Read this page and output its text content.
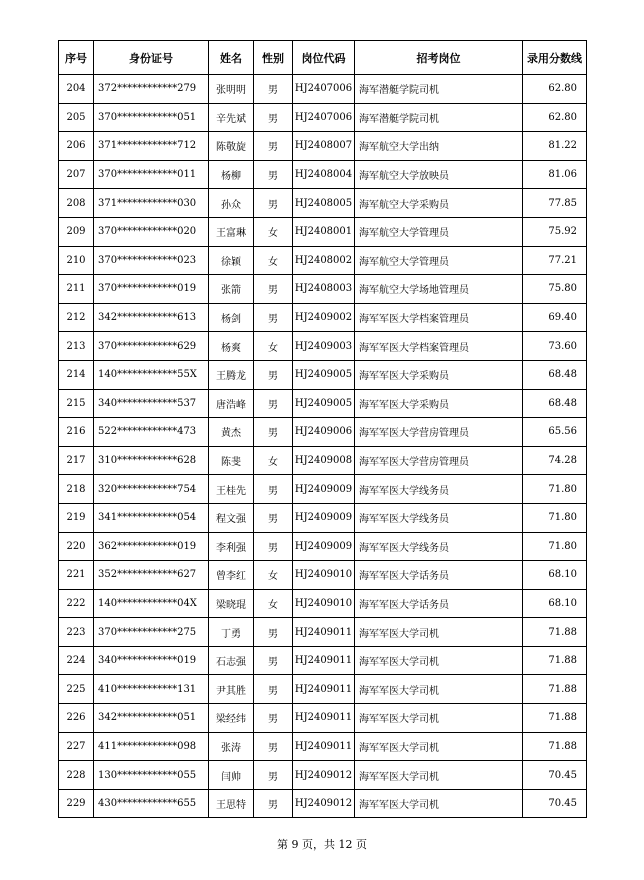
序号	身份证号	姓名	性别	岗位代码	招考岗位	录用分数线
204	372************279	张明明	男	HJ2407006	海军潜艇学院司机	62.80
205	370************051	辛先斌	男	HJ2407006	海军潜艇学院司机	62.80
206	371************712	陈敬旋	男	HJ2408007	海军航空大学出纳	81.22
207	370************011	杨柳	男	HJ2408004	海军航空大学放映员	81.06
208	371************030	孙众	男	HJ2408005	海军航空大学采购员	77.85
209	370************020	王富琳	女	HJ2408001	海军航空大学管理员	75.92
210	370************023	徐颖	女	HJ2408002	海军航空大学管理员	77.21
211	370************019	张箭	男	HJ2408003	海军航空大学场地管理员	75.80
212	342************613	杨剑	男	HJ2409002	海军军医大学档案管理员	69.40
213	370************629	杨爽	女	HJ2409003	海军军医大学档案管理员	73.60
214	140************55X	王腾龙	男	HJ2409005	海军军医大学采购员	68.48
215	340************537	唐浩峰	男	HJ2409005	海军军医大学采购员	68.48
216	522************473	黄杰	男	HJ2409006	海军军医大学营房管理员	65.56
217	310************628	陈斐	女	HJ2409008	海军军医大学营房管理员	74.28
218	320************754	王桂先	男	HJ2409009	海军军医大学线务员	71.80
219	341************054	程文强	男	HJ2409009	海军军医大学线务员	71.80
220	362************019	李利强	男	HJ2409009	海军军医大学线务员	71.80
221	352************627	曾李红	女	HJ2409010	海军军医大学话务员	68.10
222	140************04X	梁晓琨	女	HJ2409010	海军军医大学话务员	68.10
223	370************275	丁勇	男	HJ2409011	海军军医大学司机	71.88
224	340************019	石志强	男	HJ2409011	海军军医大学司机	71.88
225	410************131	尹其胜	男	HJ2409011	海军军医大学司机	71.88
226	342************051	梁经纬	男	HJ2409011	海军军医大学司机	71.88
227	411************098	张涛	男	HJ2409011	海军军医大学司机	71.88
228	130************055	闫帅	男	HJ2409012	海军军医大学司机	70.45
229	430************655	王思特	男	HJ2409012	海军军医大学司机	70.45
第 9 页，共 12 页
